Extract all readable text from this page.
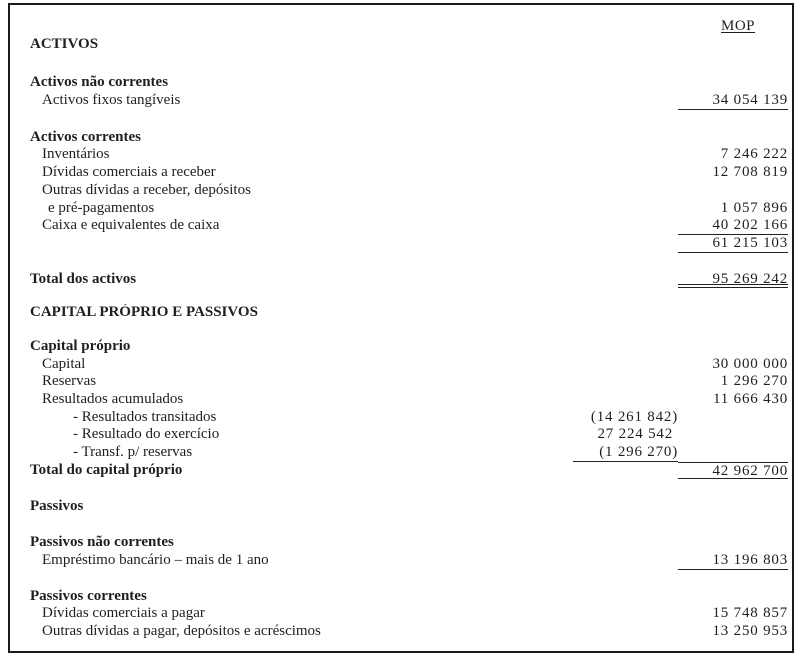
MOP
ACTIVOS
Activos não correntes
Activos fixos tangíveis	34 054 139
Activos correntes
Inventários	7 246 222
Dívidas comerciais a receber	12 708 819
Outras dívidas a receber, depósitos
e pré-pagamentos	1 057 896
Caixa e equivalentes de caixa	40 202 166
61 215 103
Total dos activos	95 269 242
CAPITAL PRÓPRIO E PASSIVOS
Capital próprio
Capital	30 000 000
Reservas	1 296 270
Resultados acumulados	11 666 430
- Resultados transitados	(14 261 842)
- Resultado do exercício	27 224 542
- Transf. p/ reservas	(1 296 270)
Total do capital próprio	42 962 700
Passivos
Passivos não correntes
Empréstimo bancário – mais de 1 ano	13 196 803
Passivos correntes
Dívidas comerciais a pagar	15 748 857
Outras dívidas a pagar, depósitos e acréscimos	13 250 953
